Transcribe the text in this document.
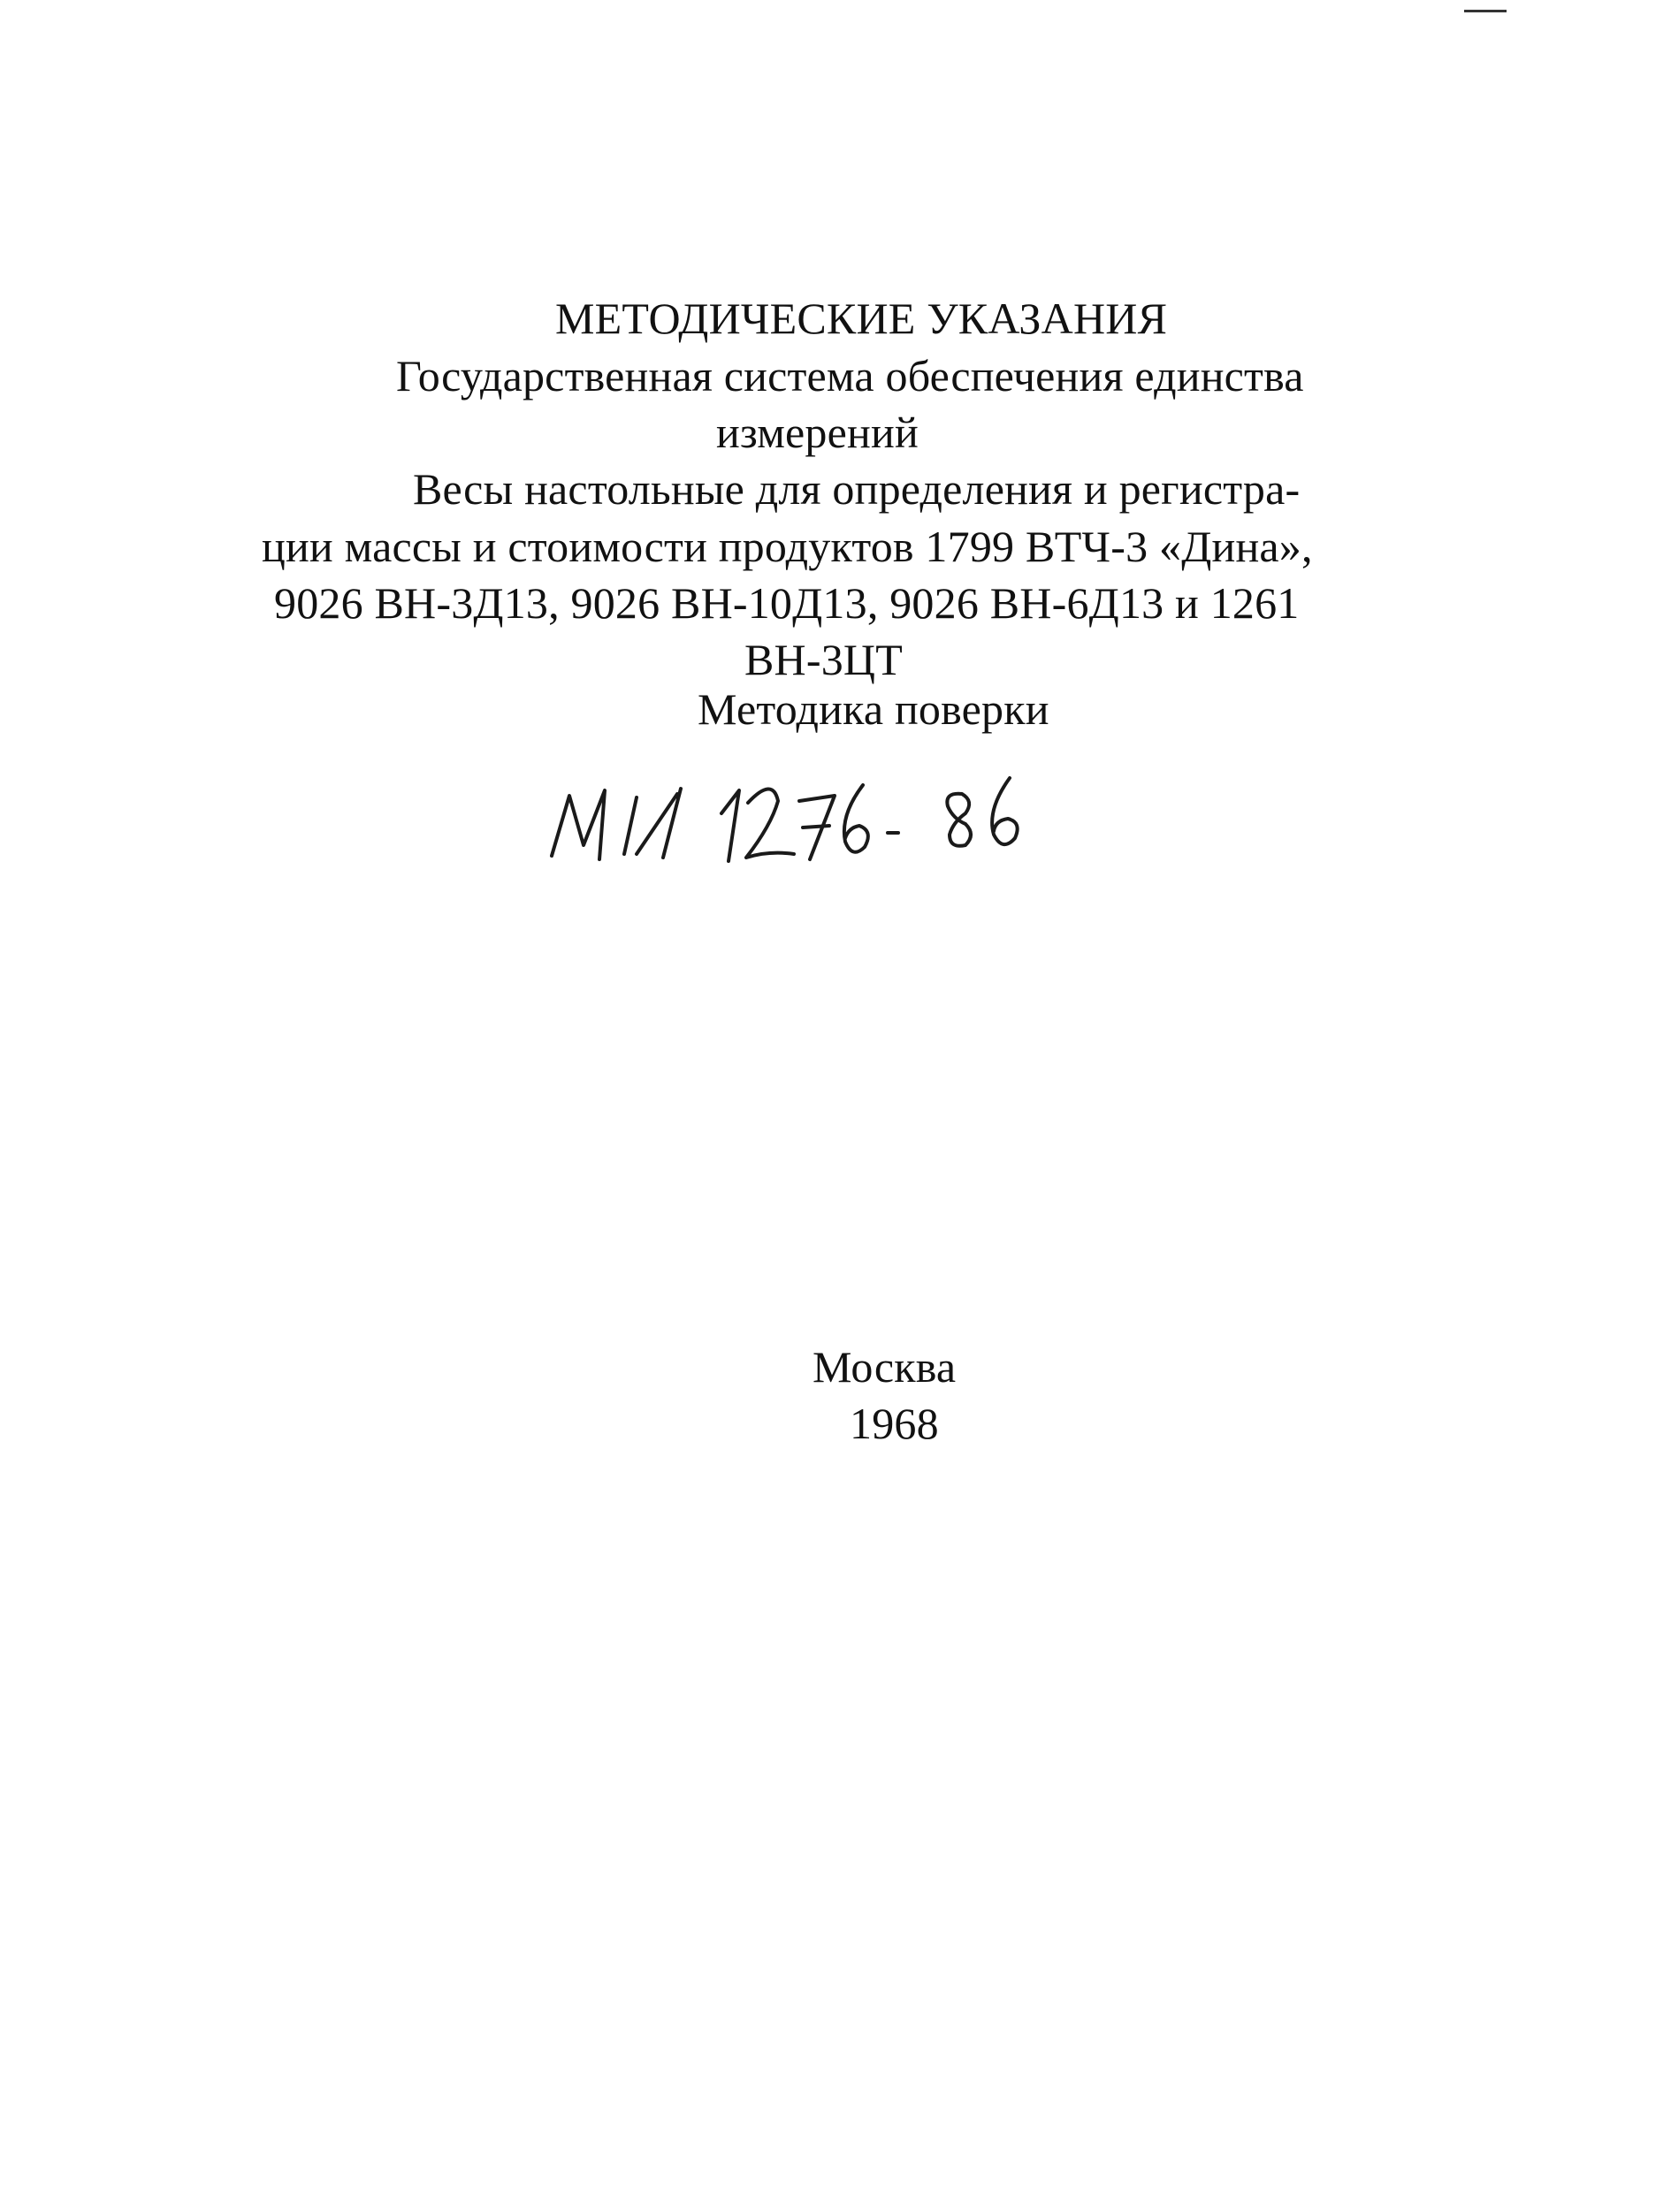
МЕТОДИЧЕСКИЕ УКАЗАНИЯ
Государственная система обеспечения единства
измерений
Весы настольные для определения и регистра-
ции массы и стоимости продуктов 1799 ВТЧ-3 «Дина»,
9026 ВН-3Д13, 9026 ВН-10Д13, 9026 ВН-6Д13 и 1261
ВН-3ЦТ
Методика поверки
Москва
1968
